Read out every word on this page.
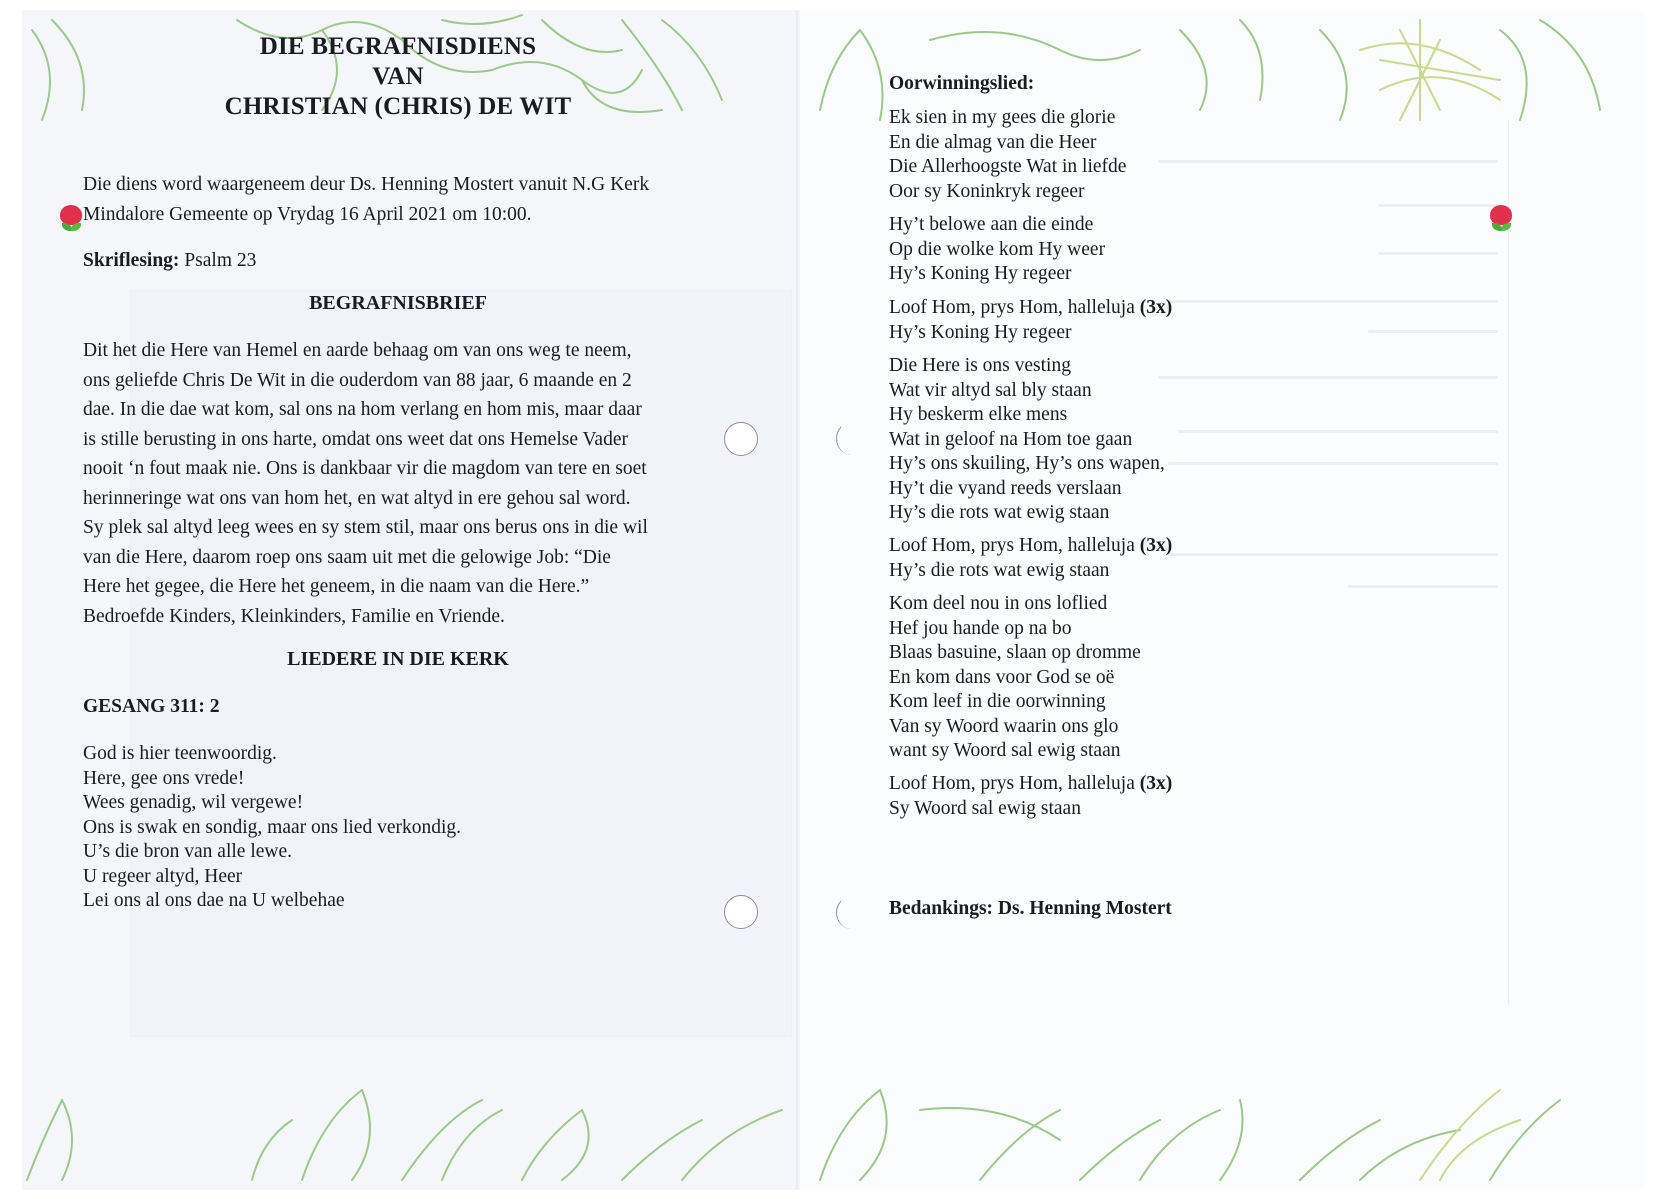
DIE BEGRAFNISDIENS
VAN
CHRISTIAN (CHRIS) DE WIT
Die diens word waargeneem deur Ds. Henning Mostert vanuit N.G Kerk
Mindalore Gemeente op Vrydag 16 April 2021 om 10:00.
Skriflesing: Psalm 23
BEGRAFNISBRIEF
Dit het die Here van Hemel en aarde behaag om van ons weg te neem,
ons geliefde Chris De Wit in die ouderdom van 88 jaar, 6 maande en 2
dae. In die dae wat kom, sal ons na hom verlang en hom mis, maar daar
is stille berusting in ons harte, omdat ons weet dat ons Hemelse Vader
nooit ‘n fout maak nie. Ons is dankbaar vir die magdom van tere en soet
herinneringe wat ons van hom het, en wat altyd in ere gehou sal word.
Sy plek sal altyd leeg wees en sy stem stil, maar ons berus ons in die wil
van die Here, daarom roep ons saam uit met die gelowige Job: “Die
Here het gegee, die Here het geneem, in die naam van die Here.”
Bedroefde Kinders, Kleinkinders, Familie en Vriende.
LIEDERE IN DIE KERK
GESANG 311: 2
God is hier teenwoordig.
Here, gee ons vrede!
Wees genadig, wil vergewe!
Ons is swak en sondig, maar ons lied verkondig.
U’s die bron van alle lewe.
U regeer altyd, Heer
Lei ons al ons dae na U welbehae
Oorwinningslied:
Ek sien in my gees die glorie
En die almag van die Heer
Die Allerhoogste Wat in liefde
Oor sy Koninkryk regeer
Hy’t belowe aan die einde
Op die wolke kom Hy weer
Hy’s Koning Hy regeer
Loof Hom, prys Hom, halleluja (3x)
Hy’s Koning Hy regeer
Die Here is ons vesting
Wat vir altyd sal bly staan
Hy beskerm elke mens
Wat in geloof na Hom toe gaan
Hy’s ons skuiling, Hy’s ons wapen,
Hy’t die vyand reeds verslaan
Hy’s die rots wat ewig staan
Loof Hom, prys Hom, halleluja (3x)
Hy’s die rots wat ewig staan
Kom deel nou in ons loflied
Hef jou hande op na bo
Blaas basuine, slaan op dromme
En kom dans voor God se oë
Kom leef in die oorwinning
Van sy Woord waarin ons glo
want sy Woord sal ewig staan
Loof Hom, prys Hom, halleluja (3x)
Sy Woord sal ewig staan
Bedankings: Ds. Henning Mostert
